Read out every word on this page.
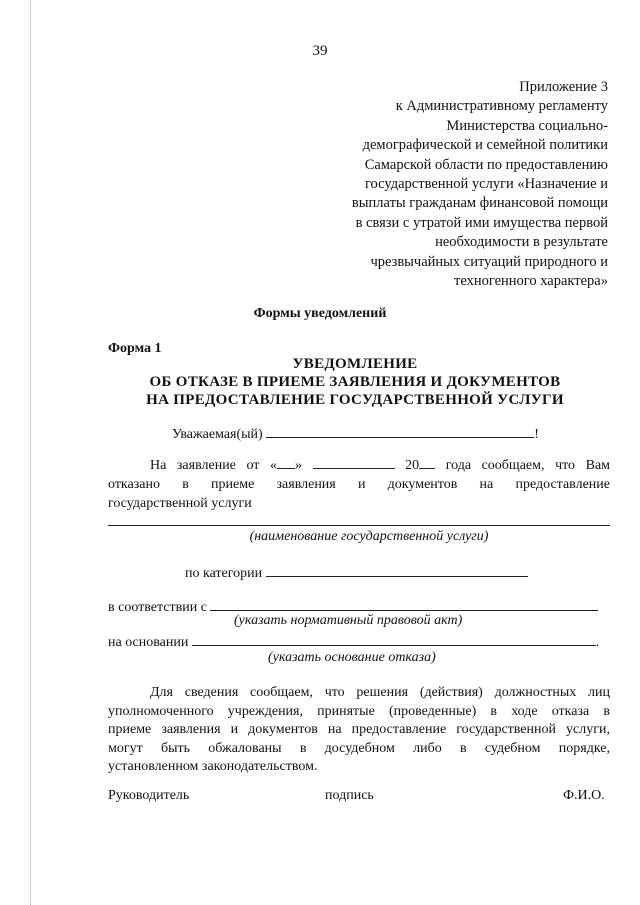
39
Приложение 3
к Административному регламенту
Министерства социально-
демографической и семейной политики
Самарской области по предоставлению
государственной услуги «Назначение и
выплаты гражданам финансовой помощи
в связи с утратой ими имущества первой
необходимости в результате
чрезвычайных ситуаций природного и
техногенного характера»
Формы уведомлений
Форма 1
УВЕДОМЛЕНИЕ
ОБ ОТКАЗЕ В ПРИЕМЕ ЗАЯВЛЕНИЯ И ДОКУМЕНТОВ
НА ПРЕДОСТАВЛЕНИЕ ГОСУДАРСТВЕННОЙ УСЛУГИ
Уважаемая(ый)	!
На заявление от « »	20 года сообщаем, что Вам
отказано в приеме заявления и документов на предоставление
государственной услуги
(наименование государственной услуги)
по категории
в соответствии с
(указать нормативный правовой акт)
на основании	.
(указать основание отказа)
Для сведения сообщаем, что решения (действия) должностных лиц
уполномоченного учреждения, принятые (проведенные) в ходе отказа в
приеме заявления и документов на предоставление государственной услуги,
могут быть обжалованы в досудебном либо в судебном порядке,
установленном законодательством.
Руководитель	подпись	Ф.И.О.
